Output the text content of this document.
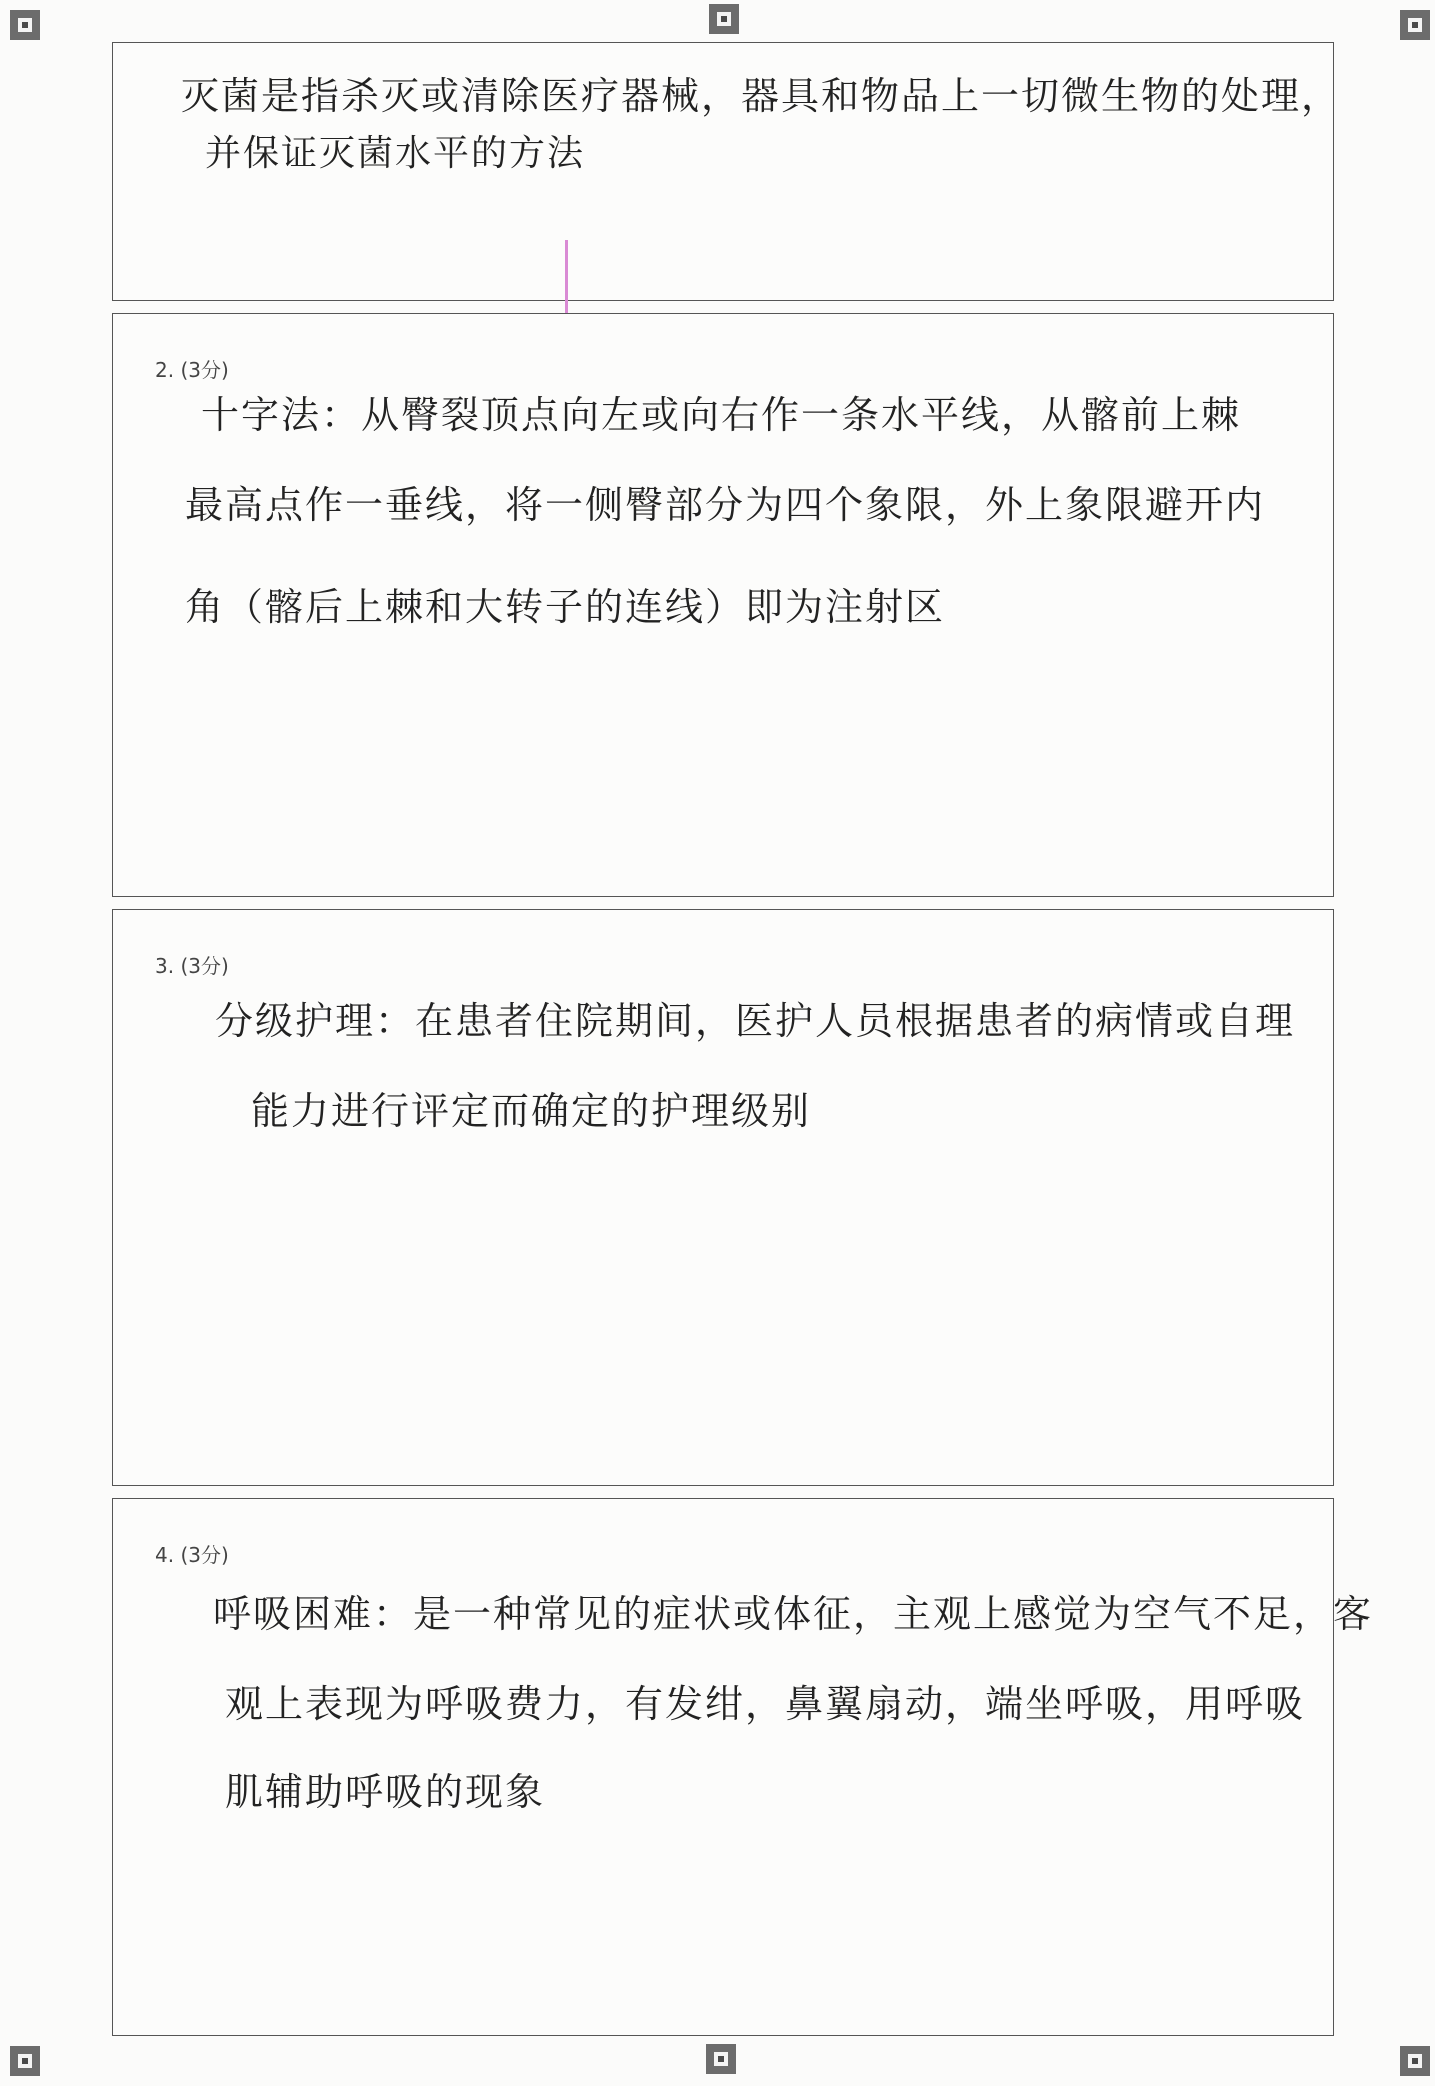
灭菌是指杀灭或清除医疗器械，器具和物品上一切微生物的处理，
并保证灭菌水平的方法
2. (3分)
十字法：从臀裂顶点向左或向右作一条水平线，从髂前上棘
最高点作一垂线，将一侧臀部分为四个象限，外上象限避开内
角（髂后上棘和大转子的连线）即为注射区
3. (3分)
分级护理：在患者住院期间，医护人员根据患者的病情或自理
能力进行评定而确定的护理级别
4. (3分)
呼吸困难：是一种常见的症状或体征，主观上感觉为空气不足，客
观上表现为呼吸费力，有发绀，鼻翼扇动，端坐呼吸，用呼吸
肌辅助呼吸的现象
